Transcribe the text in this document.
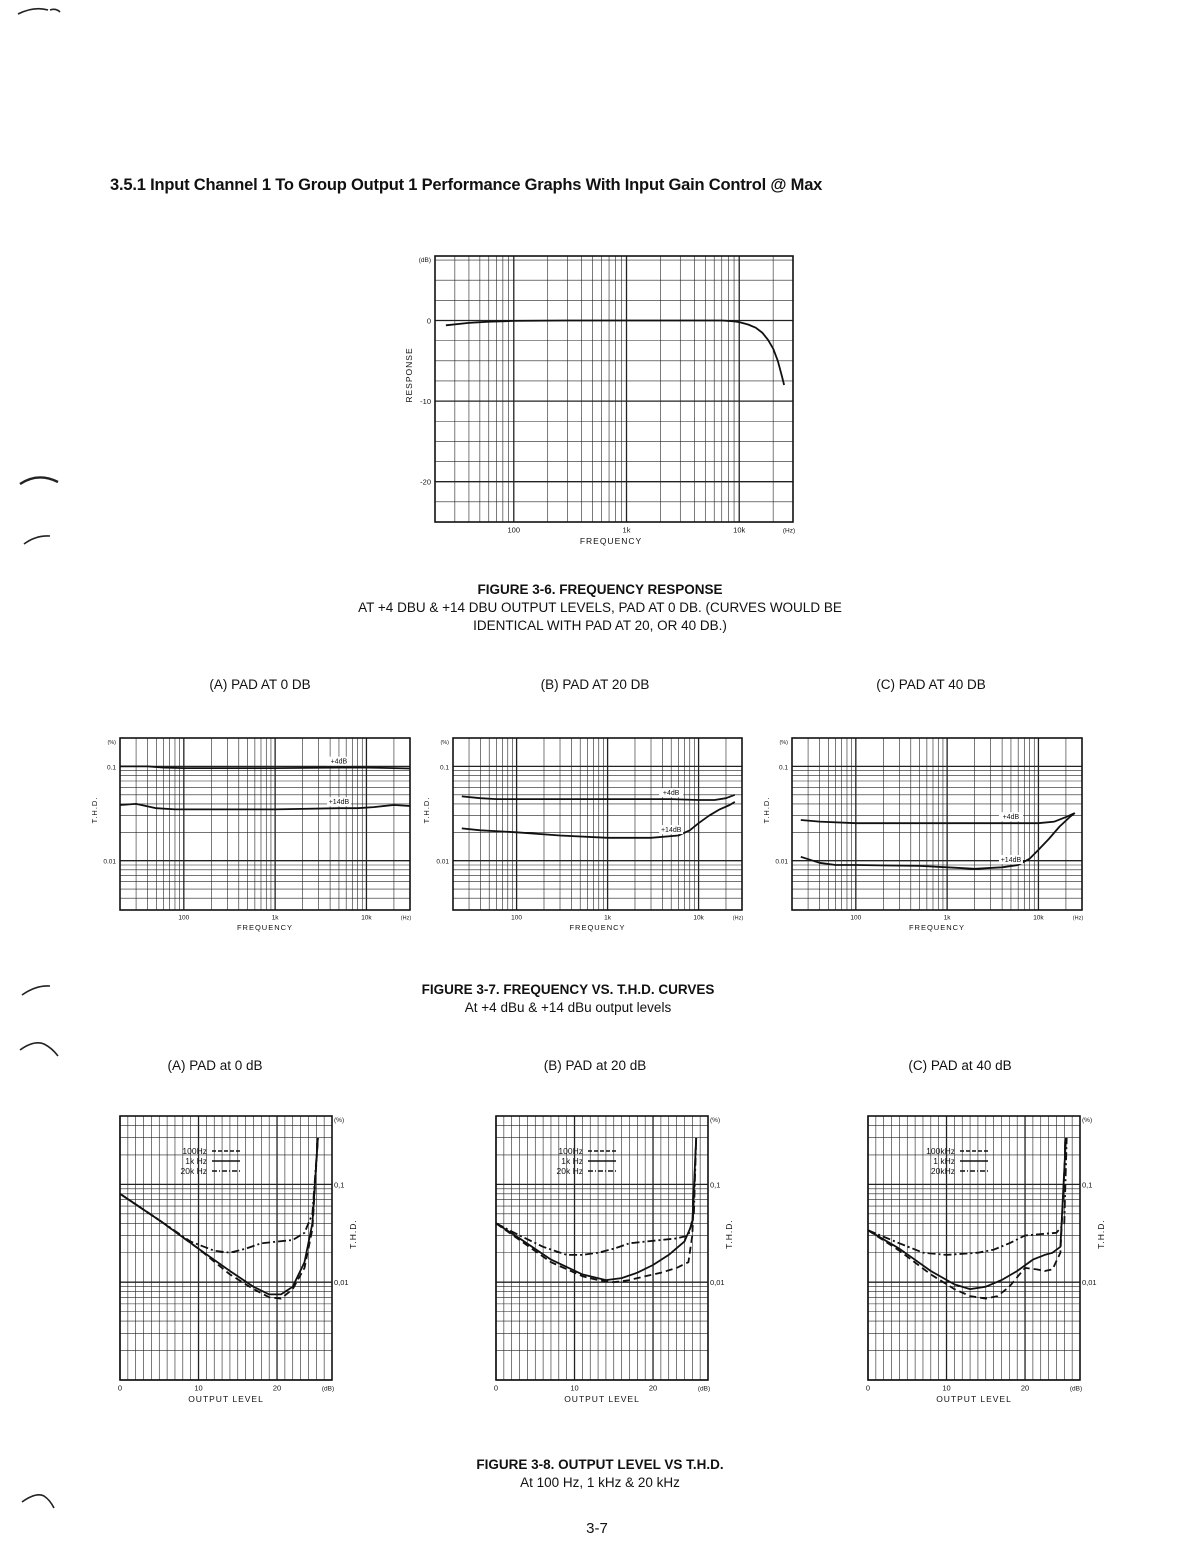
3.5.1 Input Channel 1 To Group Output 1 Performance Graphs With Input Gain Control @ Max
100	1k	10k
0
-10
-20
(dB)
(Hz)
FREQUENCY
RESPONSE
FIGURE 3-6. FREQUENCY RESPONSE
AT +4 DBU & +14 DBU OUTPUT LEVELS, PAD AT 0 DB. (CURVES WOULD BE
IDENTICAL WITH PAD AT 20, OR 40 DB.)
(A) PAD AT 0 DB	(B) PAD AT 20 DB	(C) PAD AT 40 DB
100	1k	10k
0.1
0.01
(%)
(Hz)
FREQUENCY
T.H.D.
+4dB
+14dB
100	1k	10k
0.1
0.01
(%)
(Hz)
FREQUENCY
T.H.D.
+4dB
+14dB
100	1k	10k
0.1
0.01
(%)
(Hz)
FREQUENCY
T.H.D.	+4dB
+14dB
FIGURE 3-7. FREQUENCY VS. T.H.D. CURVES
At +4 dBu & +14 dBu output levels
(A) PAD at 0 dB	(B) PAD at 20 dB	(C) PAD at 40 dB
0	10	20
0,1
0,01
(%)
(dB)
OUTPUT LEVEL
T.H.D.
100Hz
1k Hz
20k Hz
0	10	20
0,1
0,01
(%)
(dB)
OUTPUT LEVEL
T.H.D.
100Hz
1k Hz
20k Hz
0	10	20
0,1
0,01
(%)
(dB)
OUTPUT LEVEL
T.H.D.
100kHz
1 kHz
20kHz
FIGURE 3-8. OUTPUT LEVEL VS T.H.D.
At 100 Hz, 1 kHz & 20 kHz
3-7
